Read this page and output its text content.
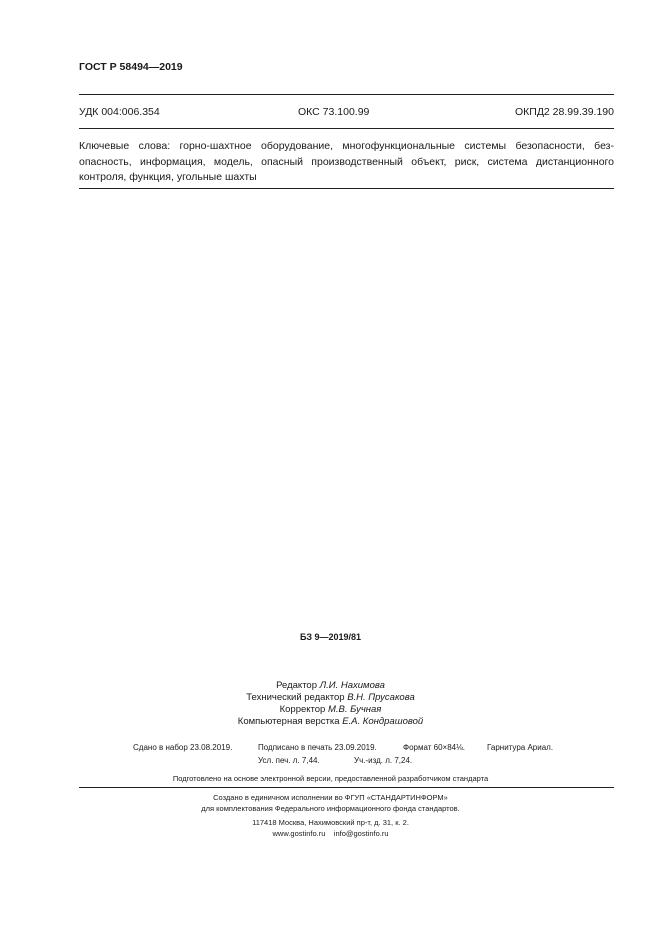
ГОСТ Р 58494—2019
УДК 004:006.354	ОКС 73.100.99	ОКПД2 28.99.39.190
Ключевые слова: горно-шахтное оборудование, многофункциональные системы безопасности, без-
опасность, информация, модель, опасный производственный объект, риск, система дистанционного
контроля, функция, угольные шахты
БЗ 9—2019/81
Редактор Л.И. Нахимова
Технический редактор В.Н. Прусакова
Корректор М.В. Бучная
Компьютерная верстка Е.А. Кондрашовой
Сдано в набор 23.08.2019.	Подписано в печать 23.09.2019.	Формат 60×84⅛.	Гарнитура Ариал.
Усл. печ. л. 7,44.	Уч.-изд. л. 7,24.
Подготовлено на основе электронной версии, предоставленной разработчиком стандарта
Создано в единичном исполнении во ФГУП «СТАНДАРТИНФОРМ»
для комплектования Федерального информационного фонда стандартов.
117418 Москва, Нахимовский пр-т, д. 31, к. 2.
www.gostinfo.ru info@gostinfo.ru
